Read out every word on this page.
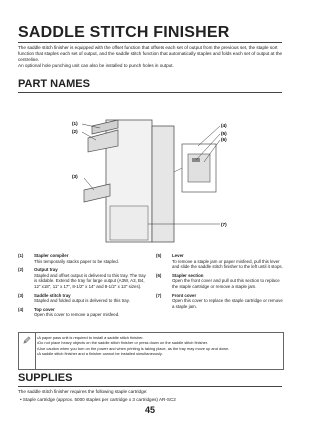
SADDLE STITCH FINISHER

The saddle stitch finisher is equipped with the offset function that offsets each set of output from the previous set, the staple sort function that staples each set of output, and the saddle stitch function that automatically staples and folds each set of output at the centreline.

An optional hole punching unit can also be installed to punch holes in output.

PART NAMES
(1)
(2)
(3)
(4)
(5)
(6)
(7)
(1) Stapler compiler
This temporarily stacks paper to be stapled.
(2) Output tray
Stapled and offset output is delivered to this tray. The tray is slidable. Extend the tray for large output (A3W, A3, B4, 12" x18", 11" x 17", 8-1/2" x 14" and 8-1/2" x 13" sizes).
(3) Saddle stitch tray
Stapled and folded output is delivered to this tray.
(4) Top cover
Open this cover to remove a paper misfeed.
(5) Lever
To remove a staple jam or paper misfeed, pull this lever and slide the saddle stitch finisher to the left until it stops.
(6) Stapler section
Open the front cover and pull out this section to replace the staple cartridge or remove a staple jam.
(7) Front cover
Open this cover to replace the staple cartridge or remove a staple jam.
• A paper pass unit is required to install a saddle stitch finisher.
• Do not place heavy objects on the saddle stitch finisher or press down on the saddle stitch finisher.
• Use caution when you turn on the power and when printing is taking place, as the tray may move up and down.
• A saddle stitch finisher and a finisher cannot be installed simultaneously.
SUPPLIES
The saddle stitch finisher requires the following staple cartridge:
• Staple cartridge (approx. 5000 staples per cartridge x 3 cartridges) AR-SC2
45
